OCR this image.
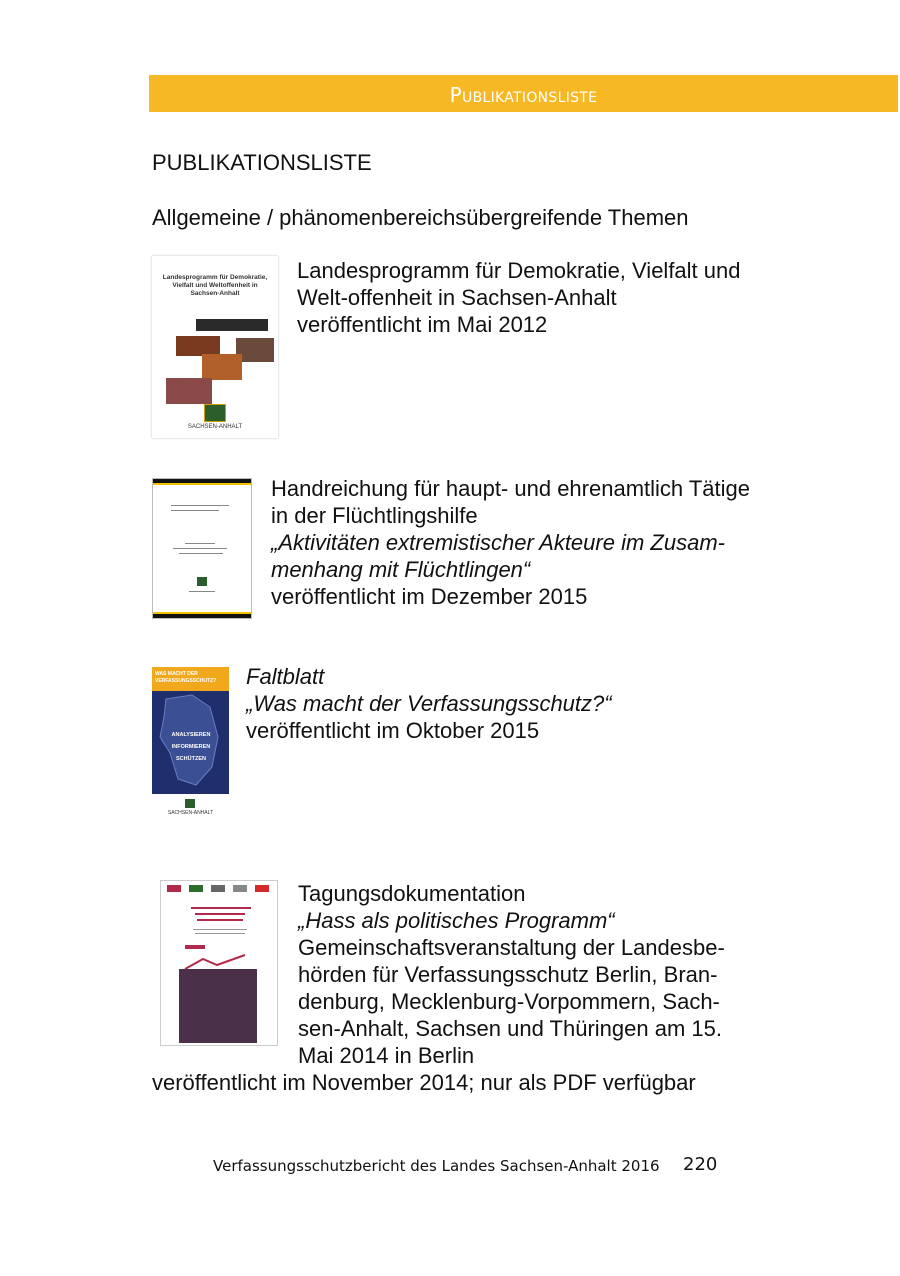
Publikationsliste
PUBLIKATIONSLISTE
Allgemeine / phänomenbereichsübergreifende Themen
Landesprogramm für Demokratie, Vielfalt und Weltoffenheit in Sachsen-Anhalt
SACHSEN-ANHALT

Landesprogramm für Demokratie, Vielfalt und

Welt-offenheit in Sachsen-Anhalt

veröffentlicht im Mai 2012

Handreichung für haupt- und ehrenamtlich Tätige

in der Flüchtlingshilfe

„Aktivitäten extremistischer Akteure im Zusam-

menhang mit Flüchtlingen“

veröffentlicht im Dezember 2015

WAS MACHT DER VERFASSUNGSSCHUTZ?
ANALYSIEREN
INFORMIEREN
SCHÜTZEN
SACHSEN-ANHALT

Faltblatt

„Was macht der Verfassungsschutz?“

veröffentlicht im Oktober 2015

Tagungsdokumentation

„Hass als politisches Programm“

Gemeinschaftsveranstaltung der Landesbe-

hörden für Verfassungsschutz Berlin, Bran-

denburg, Mecklenburg-Vorpommern, Sach-

sen-Anhalt, Sachsen und Thüringen am 15.

Mai 2014 in Berlin

veröffentlicht im November 2014; nur als PDF verfügbar

Verfassungsschutzbericht des Landes Sachsen-Anhalt 2016 220
